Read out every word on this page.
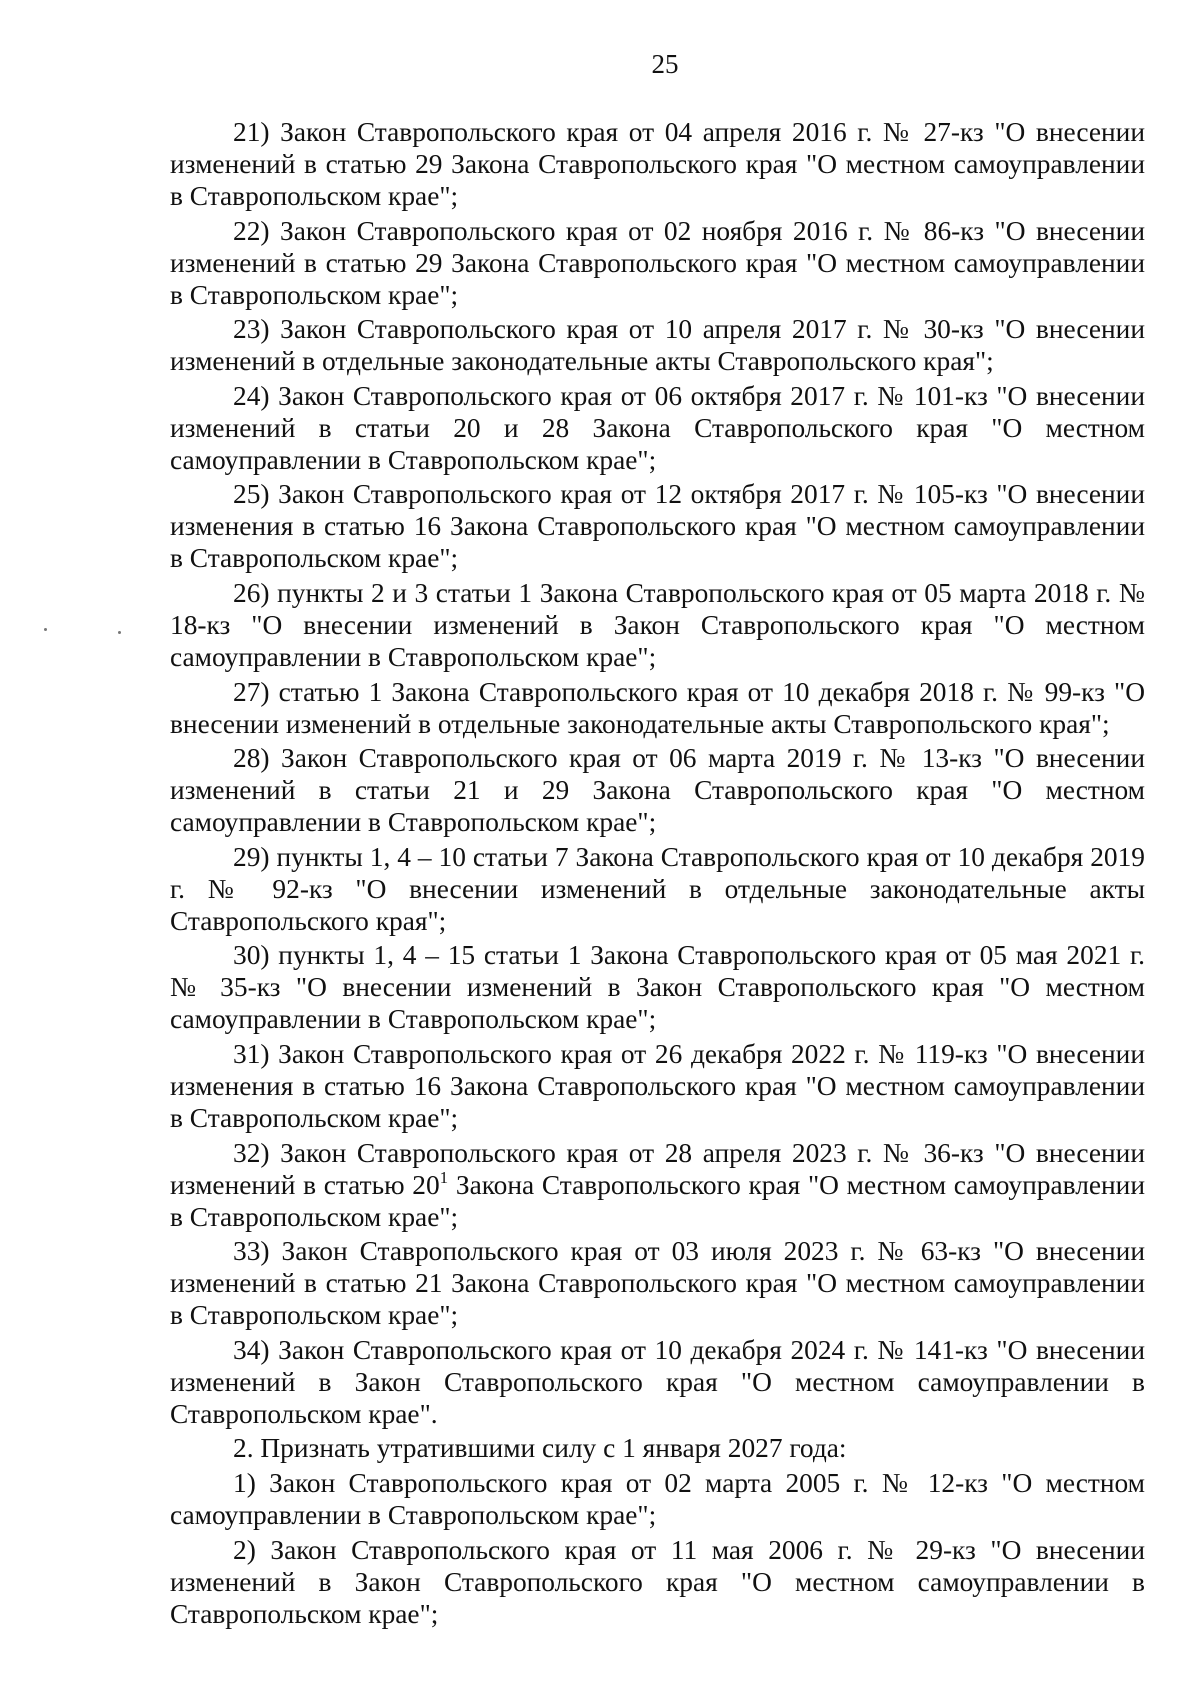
25

21) Закон Ставропольского края от 04 апреля 2016 г. № 27-кз "О внесении изменений в статью 29 Закона Ставропольского края "О местном самоуправлении в Ставропольском крае";

22) Закон Ставропольского края от 02 ноября 2016 г. № 86-кз "О внесении изменений в статью 29 Закона Ставропольского края "О местном самоуправлении в Ставропольском крае";

23) Закон Ставропольского края от 10 апреля 2017 г. № 30-кз "О внесении изменений в отдельные законодательные акты Ставропольского края";

24) Закон Ставропольского края от 06 октября 2017 г. № 101-кз "О внесении изменений в статьи 20 и 28 Закона Ставропольского края "О местном самоуправлении в Ставропольском крае";

25) Закон Ставропольского края от 12 октября 2017 г. № 105-кз "О внесении изменения в статью 16 Закона Ставропольского края "О местном самоуправлении в Ставропольском крае";

26) пункты 2 и 3 статьи 1 Закона Ставропольского края от 05 марта 2018 г. № 18-кз "О внесении изменений в Закон Ставропольского края "О местном самоуправлении в Ставропольском крае";

27) статью 1 Закона Ставропольского края от 10 декабря 2018 г. № 99-кз "О внесении изменений в отдельные законодательные акты Ставропольского края";

28) Закон Ставропольского края от 06 марта 2019 г. № 13-кз "О внесении изменений в статьи 21 и 29 Закона Ставропольского края "О местном самоуправлении в Ставропольском крае";

29) пункты 1, 4 – 10 статьи 7 Закона Ставропольского края от 10 декабря 2019 г. № 92-кз "О внесении изменений в отдельные законодательные акты Ставропольского края";

30) пункты 1, 4 – 15 статьи 1 Закона Ставропольского края от 05 мая 2021 г. № 35-кз "О внесении изменений в Закон Ставропольского края "О местном самоуправлении в Ставропольском крае";

31) Закон Ставропольского края от 26 декабря 2022 г. № 119-кз "О внесении изменения в статью 16 Закона Ставропольского края "О местном самоуправлении в Ставропольском крае";

32) Закон Ставропольского края от 28 апреля 2023 г. № 36-кз "О внесении изменений в статью $20^1$ Закона Ставропольского края "О местном самоуправлении в Ставропольском крае";

33) Закон Ставропольского края от 03 июля 2023 г. № 63-кз "О внесении изменений в статью 21 Закона Ставропольского края "О местном самоуправлении в Ставропольском крае";

34) Закон Ставропольского края от 10 декабря 2024 г. № 141-кз "О внесении изменений в Закон Ставропольского края "О местном самоуправлении в Ставропольском крае".

2. Признать утратившими силу с 1 января 2027 года:

1) Закон Ставропольского края от 02 марта 2005 г. № 12-кз "О местном самоуправлении в Ставропольском крае";

2) Закон Ставропольского края от 11 мая 2006 г. № 29-кз "О внесении изменений в Закон Ставропольского края "О местном самоуправлении в Ставропольском крае";
